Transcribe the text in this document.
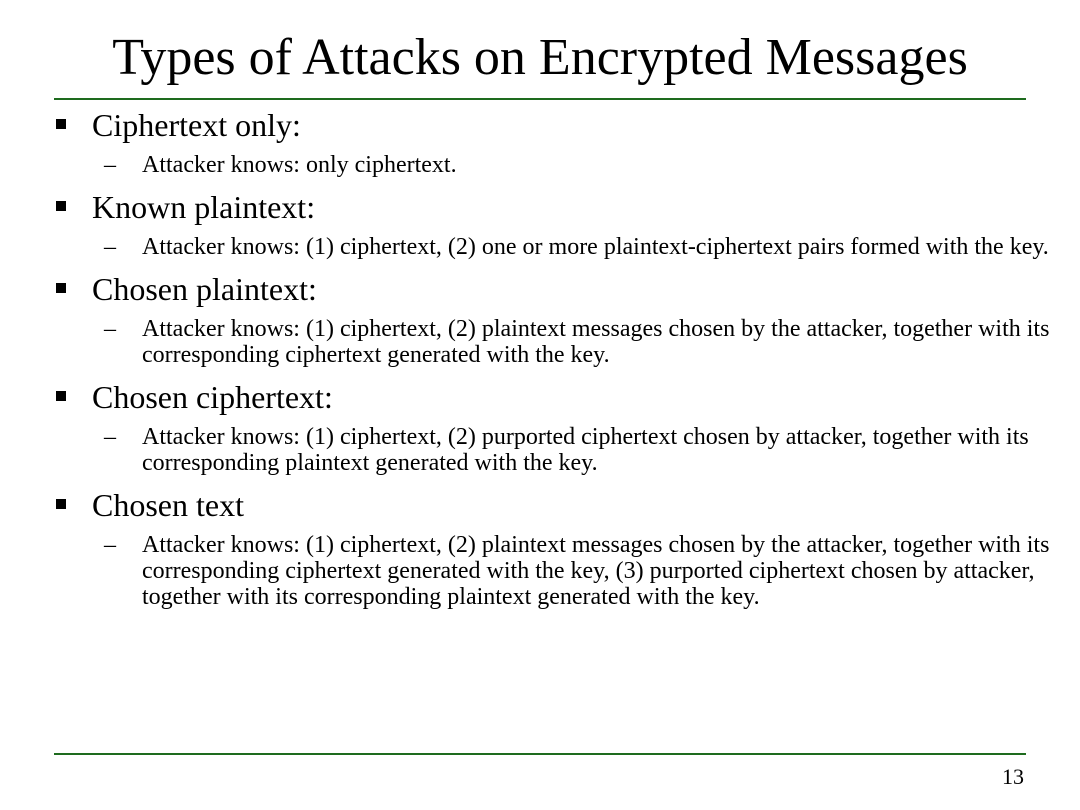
Types of Attacks on Encrypted Messages
Ciphertext only:
– Attacker knows: only ciphertext.
Known plaintext:
– Attacker knows: (1) ciphertext, (2) one or more plaintext-ciphertext pairs formed with the key.
Chosen plaintext:
– Attacker knows: (1) ciphertext, (2) plaintext messages chosen by the attacker, together with its corresponding ciphertext generated with the key.
Chosen ciphertext:
– Attacker knows: (1) ciphertext, (2) purported ciphertext chosen by attacker, together with its corresponding plaintext generated with the key.
Chosen text
– Attacker knows: (1) ciphertext, (2) plaintext messages chosen by the attacker, together with its corresponding ciphertext generated with the key, (3) purported ciphertext chosen by attacker, together with its corresponding plaintext generated with the key.
13
